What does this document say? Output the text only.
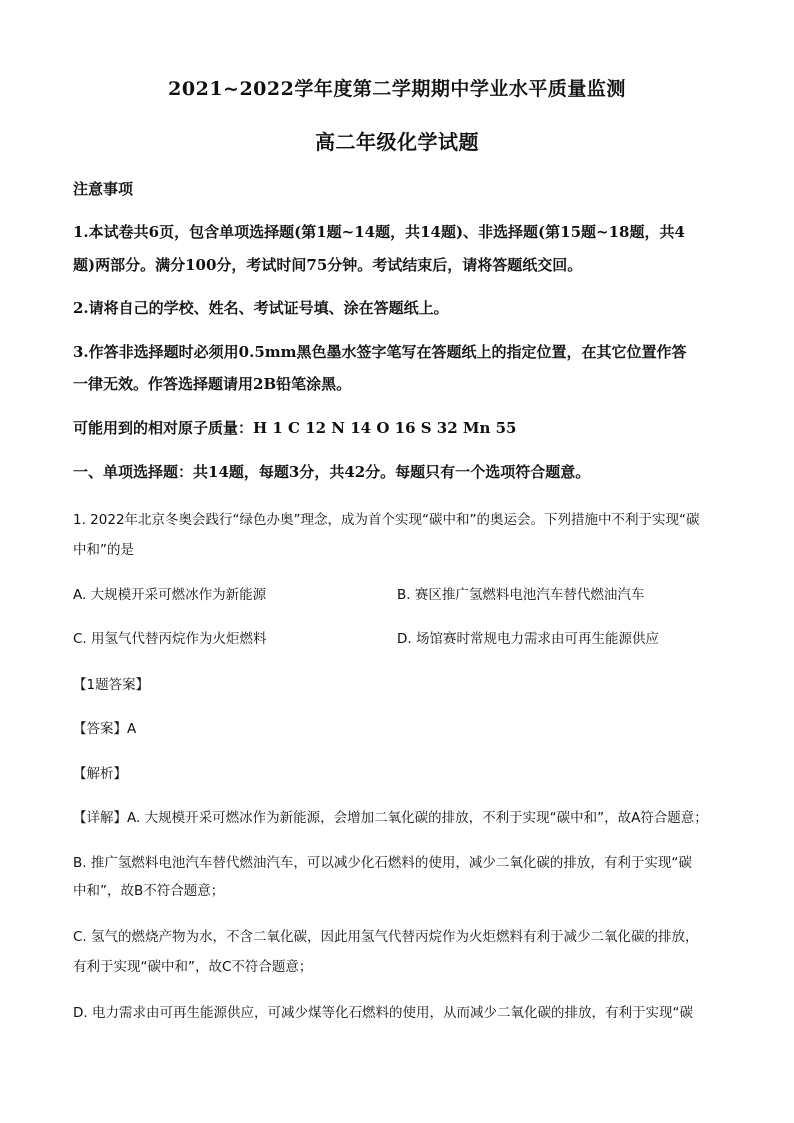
2021~2022学年度第二学期期中学业水平质量监测
高二年级化学试题
注意事项
1.本试卷共6页，包含单项选择题(第1题~14题，共14题)、非选择题(第15题~18题，共4
题)两部分。满分100分，考试时间75分钟。考试结束后，请将答题纸交回。
2.请将自己的学校、姓名、考试证号填、涂在答题纸上。
3.作答非选择题时必须用0.5mm黑色墨水签字笔写在答题纸上的指定位置，在其它位置作答
一律无效。作答选择题请用2B铅笔涂黑。
可能用到的相对原子质量：H 1 C 12 N 14 O 16 S 32 Mn 55
一、单项选择题：共14题，每题3分，共42分。每题只有一个选项符合题意。
1. 2022年北京冬奥会践行“绿色办奥”理念，成为首个实现“碳中和”的奥运会。下列措施中不利于实现“碳
中和”的是
A. 大规模开采可燃冰作为新能源	B. 赛区推广氢燃料电池汽车替代燃油汽车
C. 用氢气代替丙烷作为火炬燃料	D. 场馆赛时常规电力需求由可再生能源供应
【1题答案】
【答案】A
【解析】
【详解】A. 大规模开采可燃冰作为新能源，会增加二氧化碳的排放，不利于实现“碳中和”，故A符合题意；
B. 推广氢燃料电池汽车替代燃油汽车，可以减少化石燃料的使用，减少二氧化碳的排放，有利于实现“碳
中和”，故B不符合题意；
C. 氢气的燃烧产物为水，不含二氧化碳，因此用氢气代替丙烷作为火炬燃料有利于减少二氧化碳的排放，
有利于实现“碳中和”，故C不符合题意；
D. 电力需求由可再生能源供应，可减少煤等化石燃料的使用，从而减少二氧化碳的排放，有利于实现“碳
